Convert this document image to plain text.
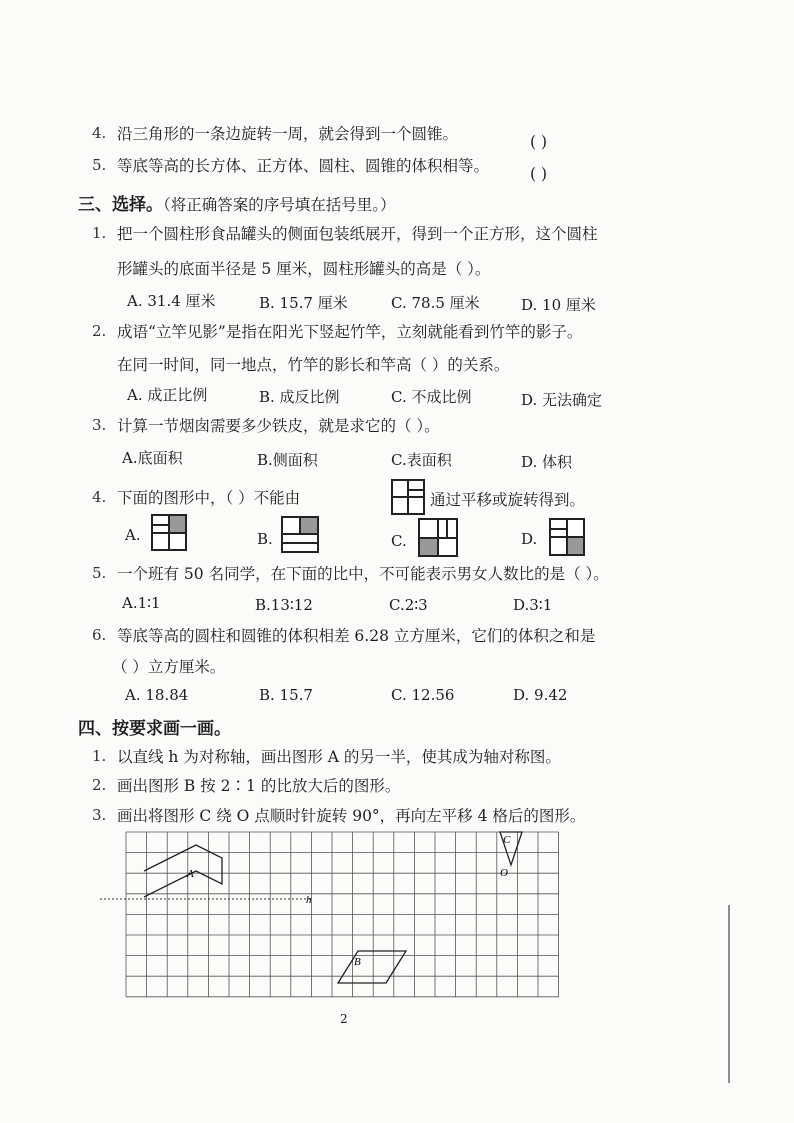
4. 沿三角形的一条边旋转一周，就会得到一个圆锥。	( )
5. 等底等高的长方体、正方体、圆柱、圆锥的体积相等。	( )
三、选择。（将正确答案的序号填在括号里。）
1. 把一个圆柱形食品罐头的侧面包装纸展开，得到一个正方形，这个圆柱
形罐头的底面半径是 5 厘米，圆柱形罐头的高是（ ）。
A. 31.4 厘米	B. 15.7 厘米	C. 78.5 厘米	D. 10 厘米
2. 成语“立竿见影”是指在阳光下竖起竹竿，立刻就能看到竹竿的影子。
在同一时间，同一地点，竹竿的影长和竿高（ ）的关系。
A. 成正比例	B. 成反比例	C. 不成比例	D. 无法确定
3. 计算一节烟囱需要多少铁皮，就是求它的（ ）。
A.底面积	B.侧面积	C.表面积	D. 体积
4. 下面的图形中，（ ）不能由	通过平移或旋转得到。
A.	B.	C.	D.
5. 一个班有 50 名同学，在下面的比中，不可能表示男女人数比的是（ ）。
A.1∶1	B.13∶12	C.2∶3	D.3∶1
6. 等底等高的圆柱和圆锥的体积相差 6.28 立方厘米，它们的体积之和是
（ ）立方厘米。
A. 18.84	B. 15.7	C. 12.56	D. 9.42
四、按要求画一画。
1. 以直线 h 为对称轴，画出图形 A 的另一半，使其成为轴对称图。
2. 画出图形 B 按 2∶1 的比放大后的图形。
3. 画出将图形 C 绕 O 点顺时针旋转 90°，再向左平移 4 格后的图形。
A
h
B
C
O
2
